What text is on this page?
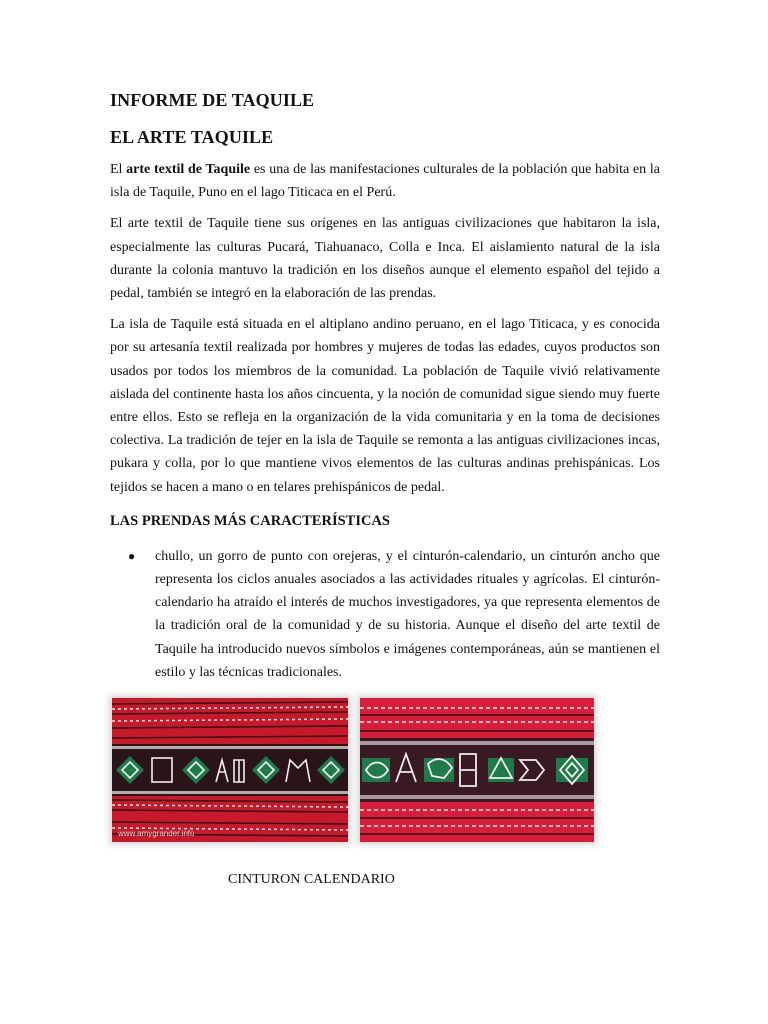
INFORME DE TAQUILE
EL ARTE TAQUILE

El arte textil de Taquile es una de las manifestaciones culturales de la población que habita en la isla de Taquile, Puno en el lago Titicaca en el Perú.

El arte textil de Taquile tiene sus orígenes en las antiguas civilizaciones que habitaron la isla, especialmente las culturas Pucará, Tiahuanaco, Colla e Inca. El aislamiento natural de la isla durante la colonia mantuvo la tradición en los diseños aunque el elemento español del tejido a pedal, también se integró en la elaboración de las prendas.

La isla de Taquile está situada en el altiplano andino peruano, en el lago Titicaca, y es conocida por su artesanía textil realizada por hombres y mujeres de todas las edades, cuyos productos son usados por todos los miembros de la comunidad. La población de Taquile vivió relativamente aislada del continente hasta los años cincuenta, y la noción de comunidad sigue siendo muy fuerte entre ellos. Esto se refleja en la organización de la vida comunitaria y en la toma de decisiones colectiva. La tradición de tejer en la isla de Taquile se remonta a las antiguas civilizaciones incas, pukara y colla, por lo que mantiene vivos elementos de las culturas andinas prehispánicas. Los tejidos se hacen a mano o en telares prehispánicos de pedal.

LAS PRENDAS MÁS CARACTERÍSTICAS
● chullo, un gorro de punto con orejeras, y el cinturón-calendario, un cinturón ancho que representa los ciclos anuales asociados a las actividades rituales y agrícolas. El cinturón-calendario ha atraído el interés de muchos investigadores, ya que representa elementos de la tradición oral de la comunidad y de su historia. Aunque el diseño del arte textil de Taquile ha introducido nuevos símbolos e imágenes contemporáneas, aún se mantienen el estilo y las técnicas tradicionales.
www.amygrander.info
CINTURON CALENDARIO
